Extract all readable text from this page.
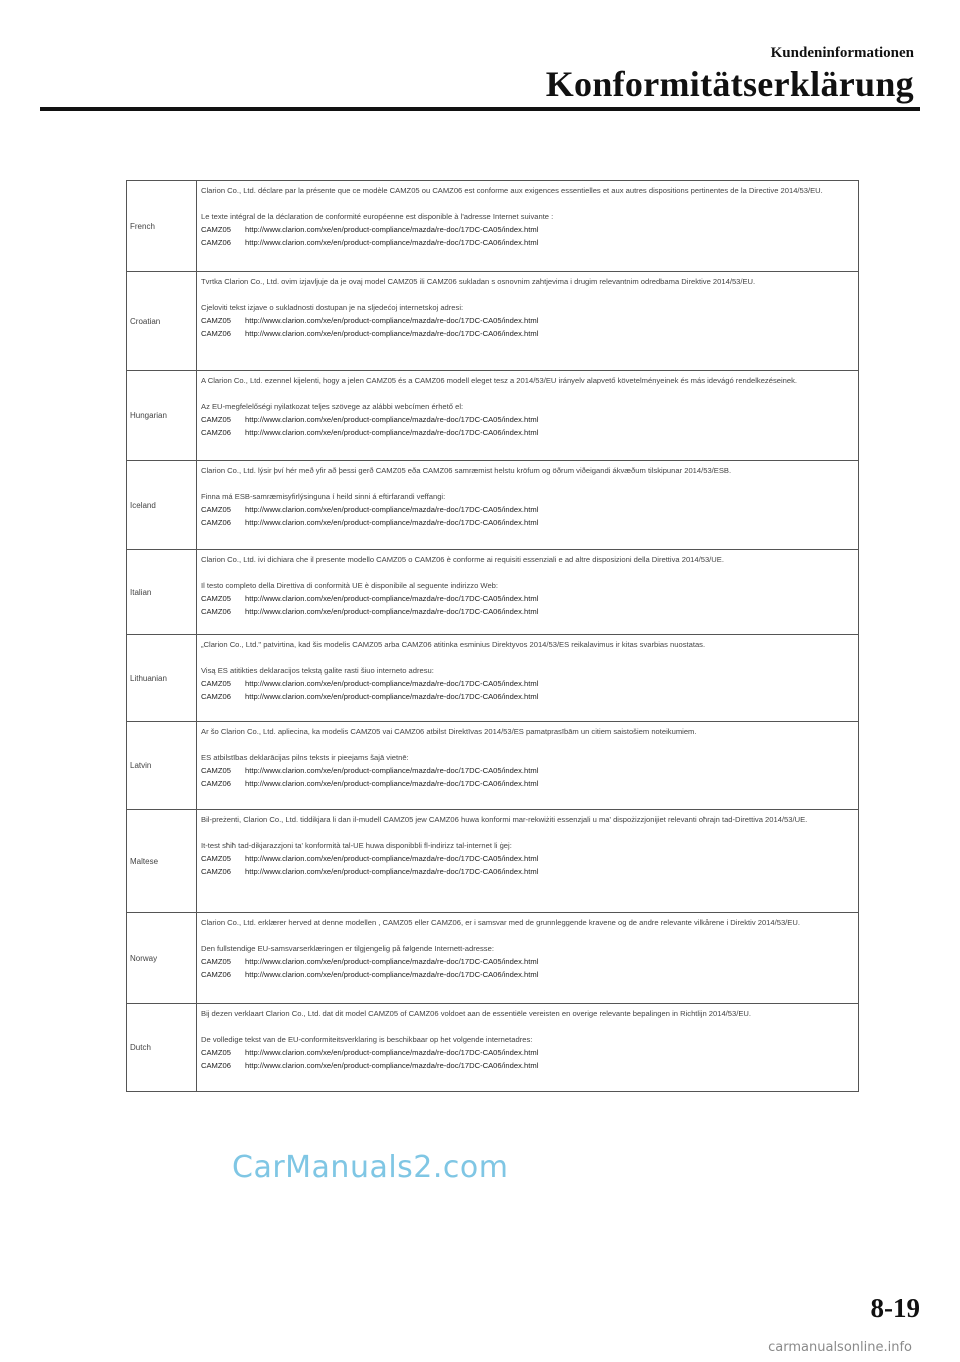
Kundeninformationen
Konformitätserklärung
French	Clarion Co., Ltd. déclare par la présente que ce modèle CAMZ05 ou CAMZ06 est conforme aux exigences essentielles et aux autres dispositions pertinentes de la Directive 2014/53/EU.

Le texte intégral de la déclaration de conformité européenne est disponible à l'adresse Internet suivante :

CAMZ05 http://www.clarion.com/xe/en/product-compliance/mazda/re-doc/17DC-CA05/index.html
CAMZ06 http://www.clarion.com/xe/en/product-compliance/mazda/re-doc/17DC-CA06/index.html

Croatian	Tvrtka Clarion Co., Ltd. ovim izjavljuje da je ovaj model CAMZ05 ili CAMZ06 sukladan s osnovnim zahtjevima i drugim relevantnim odredbama Direktive 2014/53/EU.

Cjeloviti tekst izjave o sukladnosti dostupan je na sljedećoj internetskoj adresi:

CAMZ05 http://www.clarion.com/xe/en/product-compliance/mazda/re-doc/17DC-CA05/index.html
CAMZ06 http://www.clarion.com/xe/en/product-compliance/mazda/re-doc/17DC-CA06/index.html

Hungarian	A Clarion Co., Ltd. ezennel kijelenti, hogy a jelen CAMZ05 és a CAMZ06 modell eleget tesz a 2014/53/EU irányelv alapvető követelményeinek és más idevágó rendelkezéseinek.

Az EU-megfelelőségi nyilatkozat teljes szövege az alábbi webcímen érhető el:

CAMZ05 http://www.clarion.com/xe/en/product-compliance/mazda/re-doc/17DC-CA05/index.html
CAMZ06 http://www.clarion.com/xe/en/product-compliance/mazda/re-doc/17DC-CA06/index.html

Iceland	Clarion Co., Ltd. lýsir því hér með yfir að þessi gerð CAMZ05 eða CAMZ06 samræmist helstu kröfum og öðrum viðeigandi ákvæðum tilskipunar 2014/53/ESB.

Finna má ESB-samræmisyfirlýsinguna í heild sinni á eftirfarandi veffangi:

CAMZ05 http://www.clarion.com/xe/en/product-compliance/mazda/re-doc/17DC-CA05/index.html
CAMZ06 http://www.clarion.com/xe/en/product-compliance/mazda/re-doc/17DC-CA06/index.html

Italian	Clarion Co., Ltd. ivi dichiara che il presente modello CAMZ05 o CAMZ06 è conforme ai requisiti essenziali e ad altre disposizioni della Direttiva 2014/53/UE.

Il testo completo della Direttiva di conformità UE è disponibile al seguente indirizzo Web:

CAMZ05 http://www.clarion.com/xe/en/product-compliance/mazda/re-doc/17DC-CA05/index.html
CAMZ06 http://www.clarion.com/xe/en/product-compliance/mazda/re-doc/17DC-CA06/index.html

Lithuanian	„Clarion Co., Ltd." patvirtina, kad šis modelis CAMZ05 arba CAMZ06 atitinka esminius Direktyvos 2014/53/ES reikalavimus ir kitas svarbias nuostatas.

Visą ES atitikties deklaracijos tekstą galite rasti šiuo interneto adresu:

CAMZ05 http://www.clarion.com/xe/en/product-compliance/mazda/re-doc/17DC-CA05/index.html
CAMZ06 http://www.clarion.com/xe/en/product-compliance/mazda/re-doc/17DC-CA06/index.html

Latvin	Ar šo Clarion Co., Ltd. apliecina, ka modelis CAMZ05 vai CAMZ06 atbilst Direktīvas 2014/53/ES pamatprasībām un citiem saistošiem noteikumiem.

ES atbilstības deklarācijas pilns teksts ir pieejams šajā vietnē:

CAMZ05 http://www.clarion.com/xe/en/product-compliance/mazda/re-doc/17DC-CA05/index.html
CAMZ06 http://www.clarion.com/xe/en/product-compliance/mazda/re-doc/17DC-CA06/index.html

Maltese	Bil-preżenti, Clarion Co., Ltd. tiddikjara li dan il-mudell CAMZ05 jew CAMZ06 huwa konformi mar-rekwiżiti essenzjali u ma' dispożizzjonijiet relevanti oħrajn tad-Direttiva 2014/53/UE.

It-test sħiħ tad-dikjarazzjoni ta' konformità tal-UE huwa disponibbli fl-indirizz tal-internet li ġej:

CAMZ05 http://www.clarion.com/xe/en/product-compliance/mazda/re-doc/17DC-CA05/index.html
CAMZ06 http://www.clarion.com/xe/en/product-compliance/mazda/re-doc/17DC-CA06/index.html

Norway	Clarion Co., Ltd. erklærer herved at denne modellen , CAMZ05 eller CAMZ06, er i samsvar med de grunnleggende kravene og de andre relevante vilkårene i Direktiv 2014/53/EU.

Den fullstendige EU-samsvarserklæringen er tilgjengelig på følgende Internett-adresse:

CAMZ05 http://www.clarion.com/xe/en/product-compliance/mazda/re-doc/17DC-CA05/index.html
CAMZ06 http://www.clarion.com/xe/en/product-compliance/mazda/re-doc/17DC-CA06/index.html

Dutch	Bij dezen verklaart Clarion Co., Ltd. dat dit model CAMZ05 of CAMZ06 voldoet aan de essentiële vereisten en overige relevante bepalingen in Richtlijn 2014/53/EU.

De volledige tekst van de EU-conformiteitsverklaring is beschikbaar op het volgende internetadres:

CAMZ05 http://www.clarion.com/xe/en/product-compliance/mazda/re-doc/17DC-CA05/index.html
CAMZ06 http://www.clarion.com/xe/en/product-compliance/mazda/re-doc/17DC-CA06/index.html
CarManuals2.com
8-19
carmanualsonline.info
